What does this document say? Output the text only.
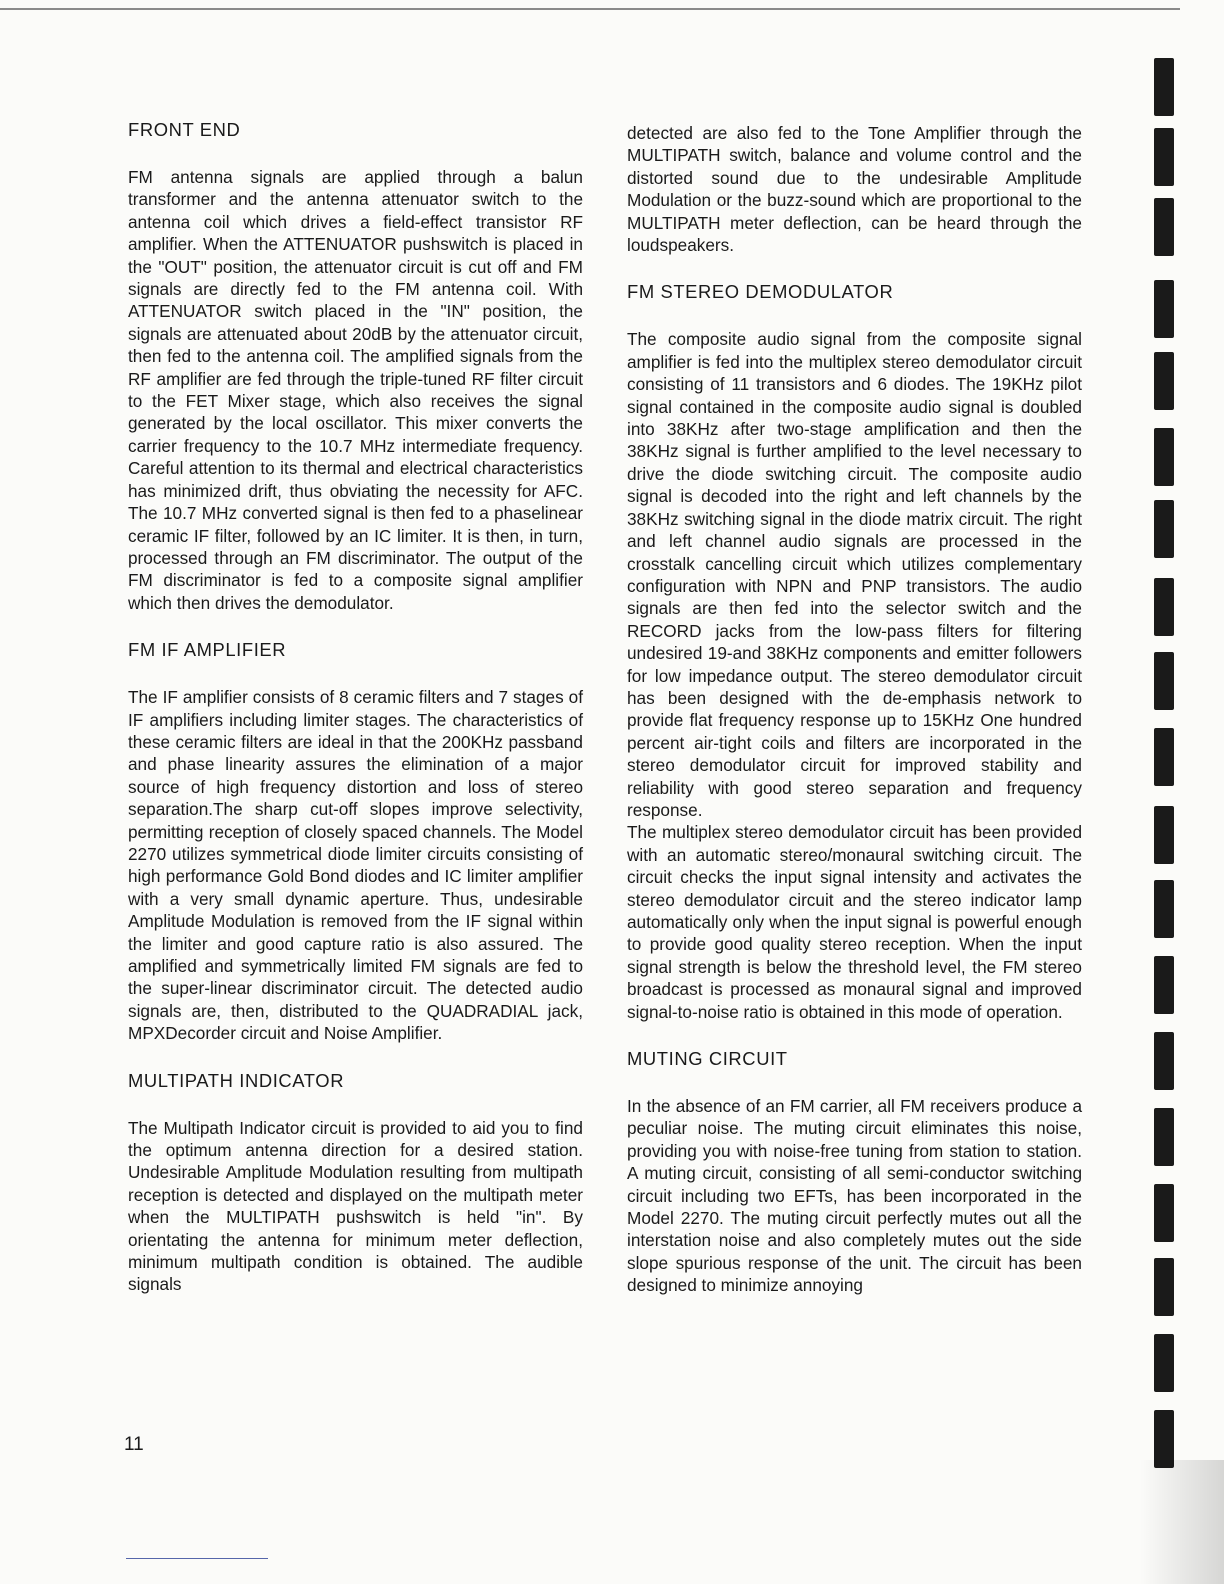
FRONT END

FM antenna signals are applied through a balun transformer and the antenna attenuator switch to the antenna coil which drives a field-effect transistor RF amplifier. When the ATTENUATOR pushswitch is placed in the "OUT" position, the attenuator circuit is cut off and FM signals are directly fed to the FM antenna coil. With ATTENUATOR switch placed in the "IN" position, the signals are attenuated about 20dB by the attenuator circuit, then fed to the antenna coil. The amplified signals from the RF amplifier are fed through the triple-tuned RF filter circuit to the FET Mixer stage, which also receives the signal generated by the local oscillator. This mixer converts the carrier frequency to the 10.7 MHz intermediate frequency. Careful attention to its thermal and electrical characteristics has minimized drift, thus obviating the necessity for AFC. The 10.7 MHz converted signal is then fed to a phaselinear ceramic IF filter, followed by an IC limiter. It is then, in turn, processed through an FM discriminator. The output of the FM discriminator is fed to a composite signal amplifier which then drives the demodulator.

FM IF AMPLIFIER

The IF amplifier consists of 8 ceramic filters and 7 stages of IF amplifiers including limiter stages. The characteristics of these ceramic filters are ideal in that the 200KHz passband and phase linearity assures the elimination of a major source of high frequency distortion and loss of stereo separation.The sharp cut-off slopes improve selectivity, permitting reception of closely spaced channels. The Model 2270 utilizes symmetrical diode limiter circuits consisting of high performance Gold Bond diodes and IC limiter amplifier with a very small dynamic aperture. Thus, undesirable Amplitude Modulation is removed from the IF signal within the limiter and good capture ratio is also assured. The amplified and symmetrically limited FM signals are fed to the super-linear discriminator circuit. The detected audio signals are, then, distributed to the QUADRADIAL jack, MPXDecorder circuit and Noise Amplifier.

MULTIPATH INDICATOR

The Multipath Indicator circuit is provided to aid you to find the optimum antenna direction for a desired station. Undesirable Amplitude Modulation resulting from multipath reception is detected and displayed on the multipath meter when the MULTIPATH pushswitch is held "in". By orientating the antenna for minimum meter deflection, minimum multipath condition is obtained. The audible signals

detected are also fed to the Tone Amplifier through the MULTIPATH switch, balance and volume control and the distorted sound due to the undesirable Amplitude Modulation or the buzz-sound which are proportional to the MULTIPATH meter deflection, can be heard through the loudspeakers.

FM STEREO DEMODULATOR

The composite audio signal from the composite signal amplifier is fed into the multiplex stereo demodulator circuit consisting of 11 transistors and 6 diodes. The 19KHz pilot signal contained in the composite audio signal is doubled into 38KHz after two-stage amplification and then the 38KHz signal is further amplified to the level necessary to drive the diode switching circuit. The composite audio signal is decoded into the right and left channels by the 38KHz switching signal in the diode matrix circuit. The right and left channel audio signals are processed in the crosstalk cancelling circuit which utilizes complementary configuration with NPN and PNP transistors. The audio signals are then fed into the selector switch and the RECORD jacks from the low-pass filters for filtering undesired 19-and 38KHz components and emitter followers for low impedance output. The stereo demodulator circuit has been designed with the de-emphasis network to provide flat frequency response up to 15KHz One hundred percent air-tight coils and filters are incorporated in the stereo demodulator circuit for improved stability and reliability with good stereo separation and frequency response.

The multiplex stereo demodulator circuit has been provided with an automatic stereo/monaural switching circuit. The circuit checks the input signal intensity and activates the stereo demodulator circuit and the stereo indicator lamp automatically only when the input signal is powerful enough to provide good quality stereo reception. When the input signal strength is below the threshold level, the FM stereo broadcast is processed as monaural signal and improved signal-to-noise ratio is obtained in this mode of operation.

MUTING CIRCUIT

In the absence of an FM carrier, all FM receivers produce a peculiar noise. The muting circuit eliminates this noise, providing you with noise-free tuning from station to station. A muting circuit, consisting of all semi-conductor switching circuit including two EFTs, has been incorporated in the Model 2270. The muting circuit perfectly mutes out all the interstation noise and also completely mutes out the side slope spurious response of the unit. The circuit has been designed to minimize annoying

11
